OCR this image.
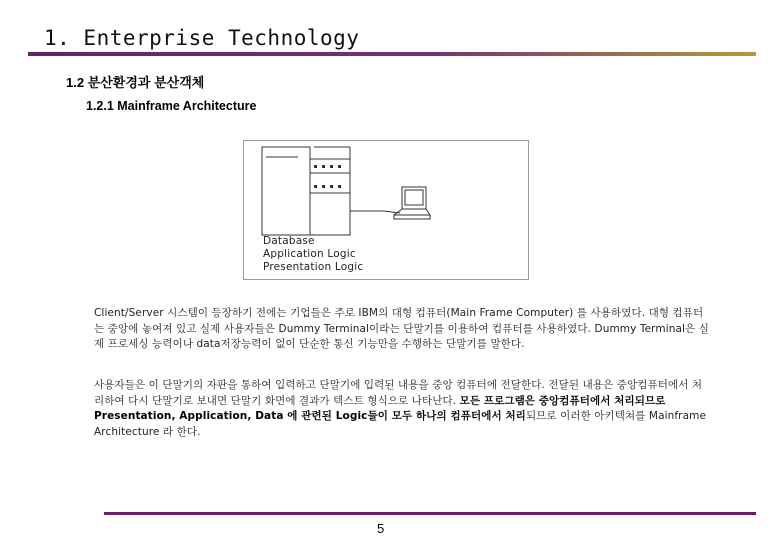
1. Enterprise Technology
1.2 분산환경과 분산객체
1.2.1 Mainframe Architecture
Database
Application Logic
Presentation Logic
Client/Server 시스템이 등장하기 전에는 기업들은 주로 IBM의 대형 컴퓨터(Main Frame Computer) 를 사용하였다. 대형 컴퓨터는 중앙에 놓여져 있고 실제 사용자들은 Dummy Terminal이라는 단말기를 이용하여 컴퓨터를 사용하였다. Dummy Terminal은 실제 프로세싱 능력이나 data저장능력이 없이 단순한 통신 기능만을 수행하는 단말기를 말한다.
사용자들은 이 단말기의 자판을 통하여 입력하고 단말기에 입력된 내용을 중앙 컴퓨터에 전달한다. 전달된 내용은 중앙컴퓨터에서 처리하여 다시 단말기로 보내면 단말기 화면에 결과가 텍스트 형식으로 나타난다. 모든 프로그램은 중앙컴퓨터에서 처리되므로 Presentation, Application, Data 에 관련된 Logic들이 모두 하나의 컴퓨터에서 처리되므로 이러한 아키텍쳐를 Mainframe Architecture 라 한다.
5
